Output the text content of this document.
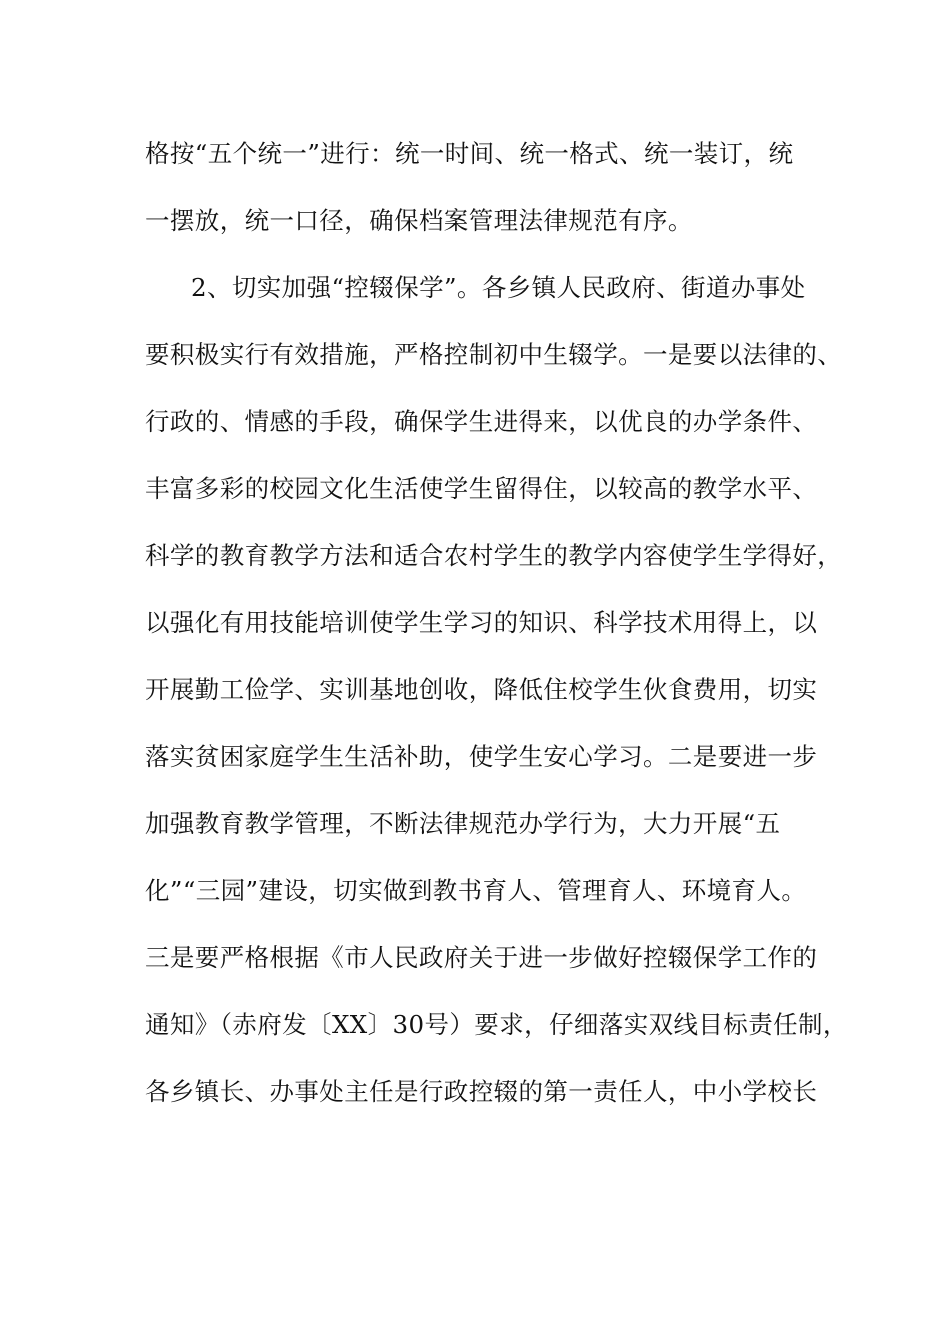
格按“五个统一”进行：统一时间、统一格式、统一装订，统
一摆放，统一口径，确保档案管理法律规范有序。
2、切实加强“控辍保学”。各乡镇人民政府、街道办事处
要积极实行有效措施，严格控制初中生辍学。一是要以法律的、
行政的、情感的手段，确保学生进得来，以优良的办学条件、
丰富多彩的校园文化生活使学生留得住，以较高的教学水平、
科学的教育教学方法和适合农村学生的教学内容使学生学得好，
以强化有用技能培训使学生学习的知识、科学技术用得上，以
开展勤工俭学、实训基地创收，降低住校学生伙食费用，切实
落实贫困家庭学生生活补助，使学生安心学习。二是要进一步
加强教育教学管理，不断法律规范办学行为，大力开展“五
化”“三园”建设，切实做到教书育人、管理育人、环境育人。
三是要严格根据《市人民政府关于进一步做好控辍保学工作的
通知》（赤府发〔XX〕30号）要求，仔细落实双线目标责任制，
各乡镇长、办事处主任是行政控辍的第一责任人，中小学校长
